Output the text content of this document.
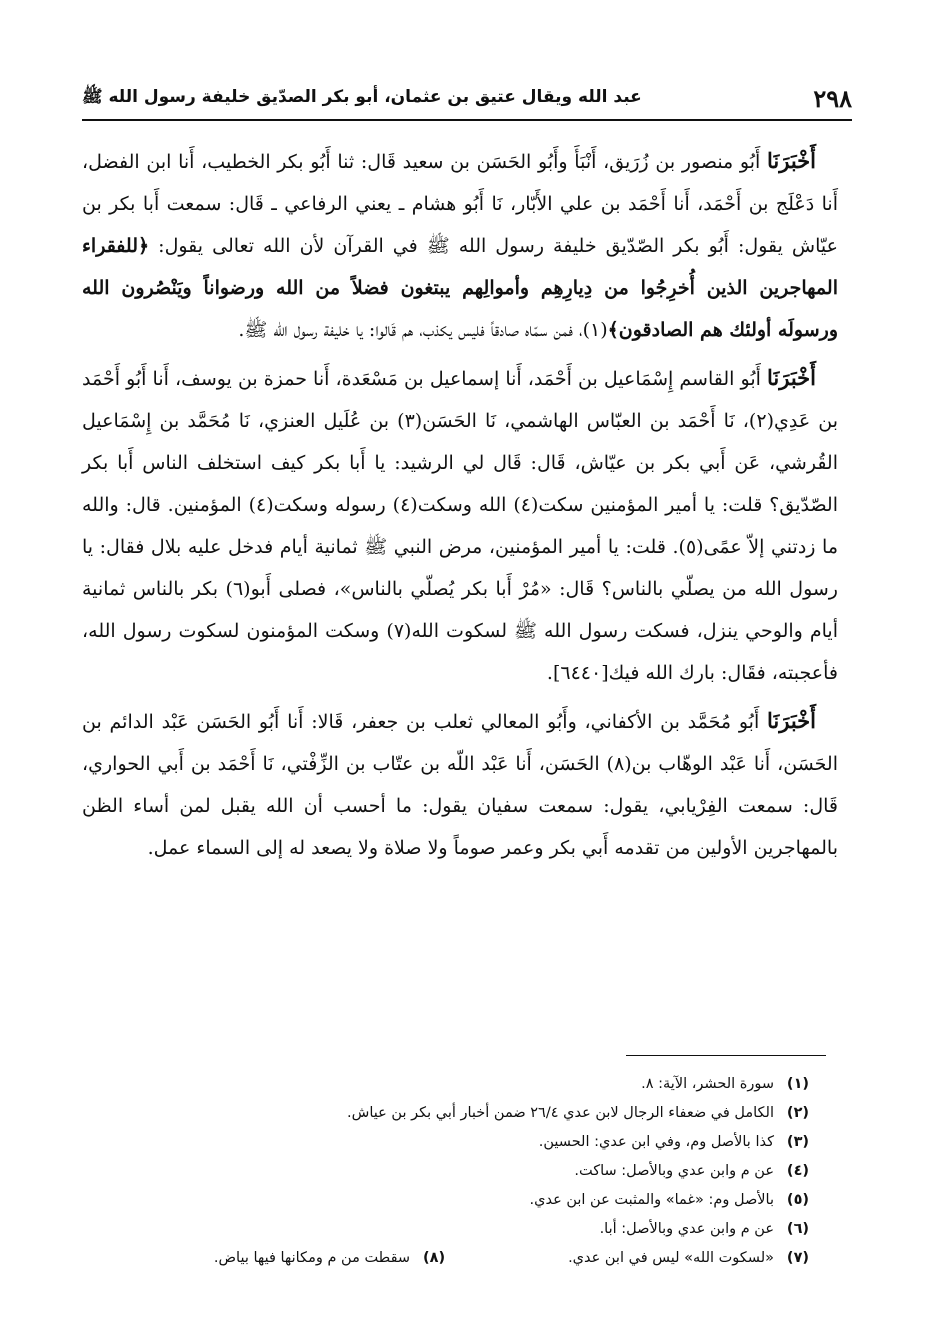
٢٩٨
عبد الله ويقال عتيق بن عثمان، أبو بكر الصدّيق خليفة رسول الله ﷺ

أَخْبَرَنَا أَبُو منصور بن زُرَيق، أَنْبَأَ وأَبُو الحَسَن بن سعيد قَال: ثنا أَبُو بكر الخطيب، أَنا ابن الفضل، أَنا دَعْلَج بن أَحْمَد، أَنا أَحْمَد بن علي الأَبّار، نَا أَبُو هشام ـ يعني الرفاعي ـ قَال: سمعت أَبا بكر بن عيّاش يقول: أَبُو بكر الصّدّيق خليفة رسول الله ﷺ في القرآن لأن الله تعالى يقول: ﴿للفقراء المهاجرين الذين أُخرِجُوا من دِيارِهِم وأموالِهم يبتغون فضلاً من الله ورضواناً ويَنْصُرون الله ورسولَه أولئك هم الصادقون﴾(١)، فمن سمّاه صادقاً فليس يكذب، هم قَالوا: يا خليفة رسول الله ﷺ.

أَخْبَرَنَا أَبُو القاسم إِسْمَاعيل بن أَحْمَد، أَنا إسماعيل بن مَسْعَدة، أَنا حمزة بن يوسف، أَنا أَبُو أَحْمَد بن عَدِي(٢)، نَا أَحْمَد بن العبّاس الهاشمي، نَا الحَسَن(٣) بن عُلَيل العنزي، نَا مُحَمَّد بن إِسْمَاعيل القُرشي، عَن أَبي بكر بن عيّاش، قَال: قَال لي الرشيد: يا أَبا بكر كيف استخلف الناس أَبا بكر الصّدّيق؟ قلت: يا أمير المؤمنين سكت(٤) الله وسكت(٤) رسوله وسكت(٤) المؤمنين. قال: والله ما زدتني إلاّ عمًى(٥). قلت: يا أمير المؤمنين، مرض النبي ﷺ ثمانية أيام فدخل عليه بلال فقال: يا رسول الله من يصلّي بالناس؟ قَال: «مُرْ أَبا بكر يُصلّي بالناس»، فصلى أَبو(٦) بكر بالناس ثمانية أيام والوحي ينزل، فسكت رسول الله ﷺ لسكوت الله(٧) وسكت المؤمنون لسكوت رسول الله، فأعجبته، فقَال: بارك الله فيك[٦٤٤٠].

أَخْبَرَنَا أَبُو مُحَمَّد بن الأكفاني، وأَبُو المعالي ثعلب بن جعفر، قَالا: أَنا أَبُو الحَسَن عَبْد الدائم بن الحَسَن، أَنا عَبْد الوهّاب بن(٨) الحَسَن، أَنا عَبْد اللّه بن عتّاب بن الزِّفْتي، نَا أَحْمَد بن أَبي الحواري، قَال: سمعت الفِرْيابي، يقول: سمعت سفيان يقول: ما أحسب أن الله يقبل لمن أساء الظن بالمهاجرين الأولين من تقدمه أَبي بكر وعمر صوماً ولا صلاة ولا يصعد له إلى السماء عمل.

(١)
سورة الحشر، الآية: ٨.
(٢)
الكامل في ضعفاء الرجال لابن عدي ٢٦/٤ ضمن أخبار أبي بكر بن عياش.
(٣)
كذا بالأصل وم، وفي ابن عدي: الحسين.
(٤)
عن م وابن عدي وبالأصل: ساكت.
(٥)
بالأصل وم: «غما» والمثبت عن ابن عدي.
(٦)
عن م وابن عدي وبالأصل: أبا.
(٧)
«لسكوت الله» ليس في ابن عدي.
(٨)
سقطت من م ومكانها فيها بياض.
